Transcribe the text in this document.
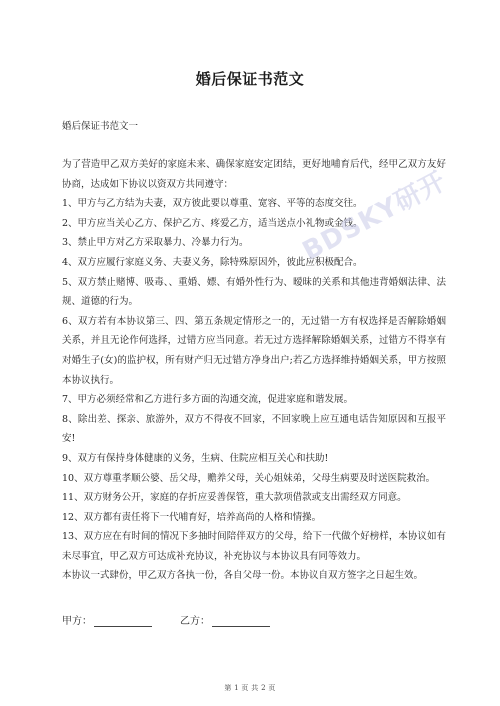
婚后保证书范文
婚后保证书范文一

为了营造甲乙双方美好的家庭未来、确保家庭安定团结，更好地哺育后代，经甲乙双方友好协商，达成如下协议以资双方共同遵守：

1、甲方与乙方结为夫妻，双方彼此要以尊重、宽容、平等的态度交往。

2、甲方应当关心乙方、保护乙方、疼爱乙方，适当送点小礼物或金钱。

3、禁止甲方对乙方采取暴力、冷暴力行为。

4、双方应履行家庭义务、夫妻义务，除特殊原因外，彼此应积极配合。

5、双方禁止赌博、吸毒、、重婚、嫖、有婚外性行为、暧昧的关系和其他违背婚姻法律、法规、道德的行为。

6、双方若有本协议第三、四、第五条规定情形之一的，无过错一方有权选择是否解除婚姻关系，并且无论作何选择，过错方应当同意。若无过方选择解除婚姻关系，过错方不得享有对婚生子(女)的监护权，所有财产归无过错方净身出户;若乙方选择维持婚姻关系，甲方按照本协议执行。

7、甲方必须经常和乙方进行多方面的沟通交流，促进家庭和谐发展。

8、除出差、探亲、旅游外，双方不得夜不回家，不回家晚上应互通电话告知原因和互报平安!

9、双方有保持身体健康的义务，生病、住院应相互关心和扶助!

10、双方尊重孝顺公婆、岳父母，赡养父母，关心姐妹弟，父母生病要及时送医院救治。

11、双方财务公开，家庭的存折应妥善保管，重大款项借款或支出需经双方同意。

12、双方都有责任将下一代哺育好，培养高尚的人格和情操。

13、双方应在有时间的情况下多抽时间陪伴双方的父母，给下一代做个好榜样，本协议如有未尽事宜，甲乙双方可达成补充协议，补充协议与本协议具有同等效力。

本协议一式肆份，甲乙双方各执一份，各自父母一份。本协议自双方签字之日起生效。

甲方：	乙方：
第 1 页 共 2 页
BDSKY研开
